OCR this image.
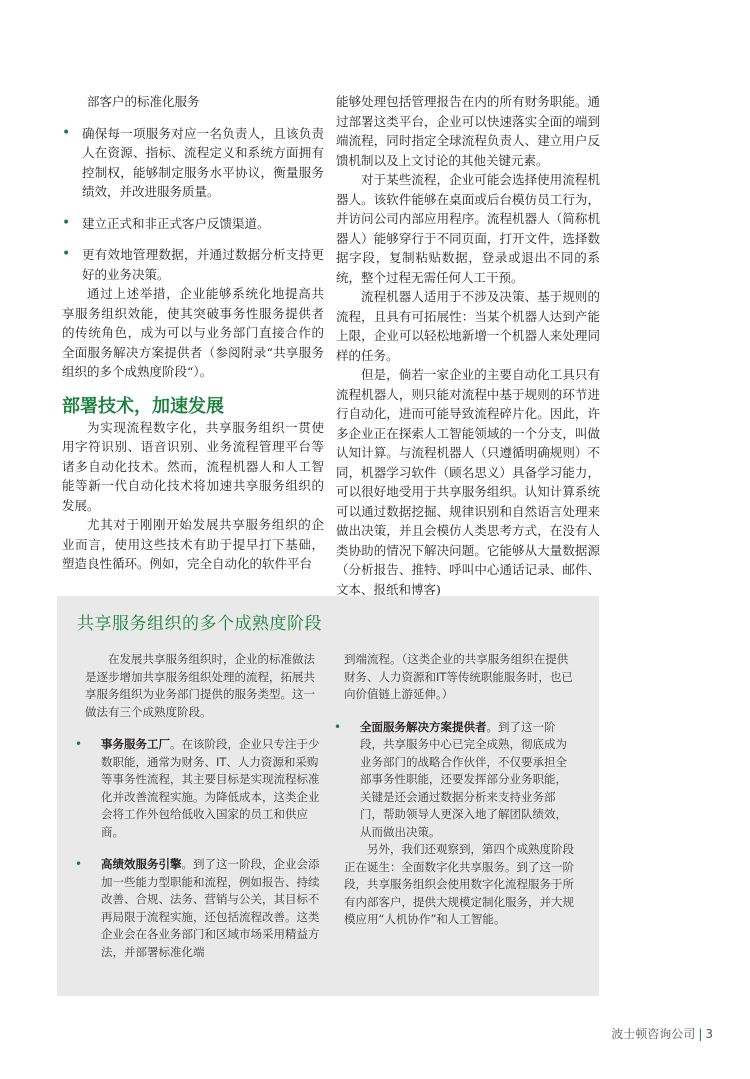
部客户的标准化服务

• 确保每一项服务对应一名负责人，且该负责人在资源、指标、流程定义和系统方面拥有控制权，能够制定服务水平协议，衡量服务绩效，并改进服务质量。
• 建立正式和非正式客户反馈渠道。
• 更有效地管理数据，并通过数据分析支持更好的业务决策。

通过上述举措，企业能够系统化地提高共享服务组织效能，使其突破事务性服务提供者的传统角色，成为可以与业务部门直接合作的全面服务解决方案提供者（参阅附录“共享服务组织的多个成熟度阶段“）。

部署技术，加速发展

为实现流程数字化，共享服务组织一贯使用字符识别、语音识别、业务流程管理平台等诸多自动化技术。然而，流程机器人和人工智能等新一代自动化技术将加速共享服务组织的发展。

尤其对于刚刚开始发展共享服务组织的企业而言，使用这些技术有助于提早打下基础，塑造良性循环。例如，完全自动化的软件平台

能够处理包括管理报告在内的所有财务职能。通过部署这类平台，企业可以快速落实全面的端到端流程，同时指定全球流程负责人、建立用户反馈机制以及上文讨论的其他关键元素。

对于某些流程，企业可能会选择使用流程机器人。该软件能够在桌面或后台模仿员工行为，并访问公司内部应用程序。流程机器人（简称机器人）能够穿行于不同页面，打开文件，选择数据字段，复制粘贴数据，登录或退出不同的系统，整个过程无需任何人工干预。

流程机器人适用于不涉及决策、基于规则的流程，且具有可拓展性：当某个机器人达到产能上限，企业可以轻松地新增一个机器人来处理同样的任务。

但是，倘若一家企业的主要自动化工具只有流程机器人，则只能对流程中基于规则的环节进行自动化，进而可能导致流程碎片化。因此，许多企业正在探索人工智能领域的一个分支，叫做认知计算。与流程机器人（只遵循明确规则）不同，机器学习软件（顾名思义）具备学习能力，可以很好地受用于共享服务组织。认知计算系统可以通过数据挖掘、规律识别和自然语言处理来做出决策，并且会模仿人类思考方式，在没有人类协助的情况下解决问题。它能够从大量数据源（分析报告、推特、呼叫中心通话记录、邮件、文本、报纸和博客)

共享服务组织的多个成熟度阶段

在发展共享服务组织时，企业的标准做法是逐步增加共享服务组织处理的流程，拓展共享服务组织为业务部门提供的服务类型。这一做法有三个成熟度阶段。

• 事务服务工厂。在该阶段，企业只专注于少数职能，通常为财务、IT、人力资源和采购等事务性流程，其主要目标是实现流程标准化并改善流程实施。为降低成本，这类企业会将工作外包给低收入国家的员工和供应商。
• 高绩效服务引擎。到了这一阶段，企业会添加一些能力型职能和流程，例如报告、持续改善、合规、法务、营销与公关，其目标不再局限于流程实施，还包括流程改善。这类企业会在各业务部门和区域市场采用精益方法，并部署标准化端

到端流程。（这类企业的共享服务组织在提供财务、人力资源和IT等传统职能服务时，也已向价值链上游延伸。）

• 全面服务解决方案提供者。到了这一阶段，共享服务中心已完全成熟，彻底成为业务部门的战略合作伙伴，不仅要承担全部事务性职能，还要发挥部分业务职能，关键是还会通过数据分析来支持业务部门，帮助领导人更深入地了解团队绩效，从而做出决策。

另外，我们还观察到，第四个成熟度阶段正在诞生：全面数字化共享服务。到了这一阶段，共享服务组织会使用数字化流程服务于所有内部客户，提供大规模定制化服务，并大规模应用“人机协作”和人工智能。

波士顿咨询公司 | 3
